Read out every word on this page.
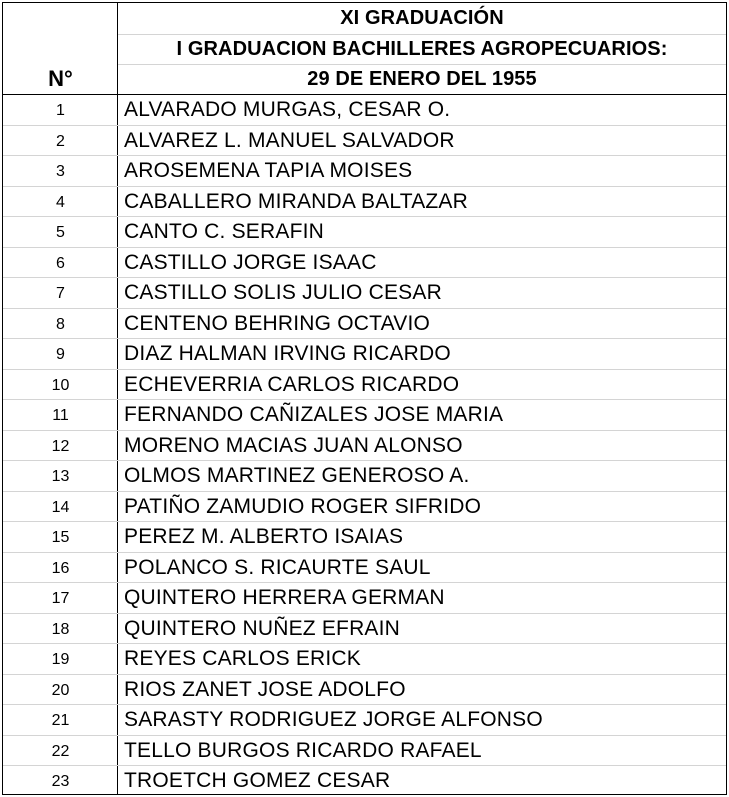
XI GRADUACIÓN
I GRADUACION BACHILLERES AGROPECUARIOS:
29 DE ENERO DEL 1955
N°
1	ALVARADO MURGAS, CESAR O.
2	ALVAREZ L. MANUEL SALVADOR
3	AROSEMENA TAPIA MOISES
4	CABALLERO MIRANDA BALTAZAR
5	CANTO C. SERAFIN
6	CASTILLO JORGE ISAAC
7	CASTILLO SOLIS JULIO CESAR
8	CENTENO BEHRING OCTAVIO
9	DIAZ HALMAN IRVING RICARDO
10	ECHEVERRIA CARLOS RICARDO
11	FERNANDO CAÑIZALES JOSE MARIA
12	MORENO MACIAS JUAN ALONSO
13	OLMOS MARTINEZ GENEROSO A.
14	PATIÑO ZAMUDIO ROGER SIFRIDO
15	PEREZ M. ALBERTO ISAIAS
16	POLANCO S. RICAURTE SAUL
17	QUINTERO HERRERA GERMAN
18	QUINTERO NUÑEZ EFRAIN
19	REYES CARLOS ERICK
20	RIOS ZANET JOSE ADOLFO
21	SARASTY RODRIGUEZ JORGE ALFONSO
22	TELLO BURGOS RICARDO RAFAEL
23	TROETCH GOMEZ CESAR
